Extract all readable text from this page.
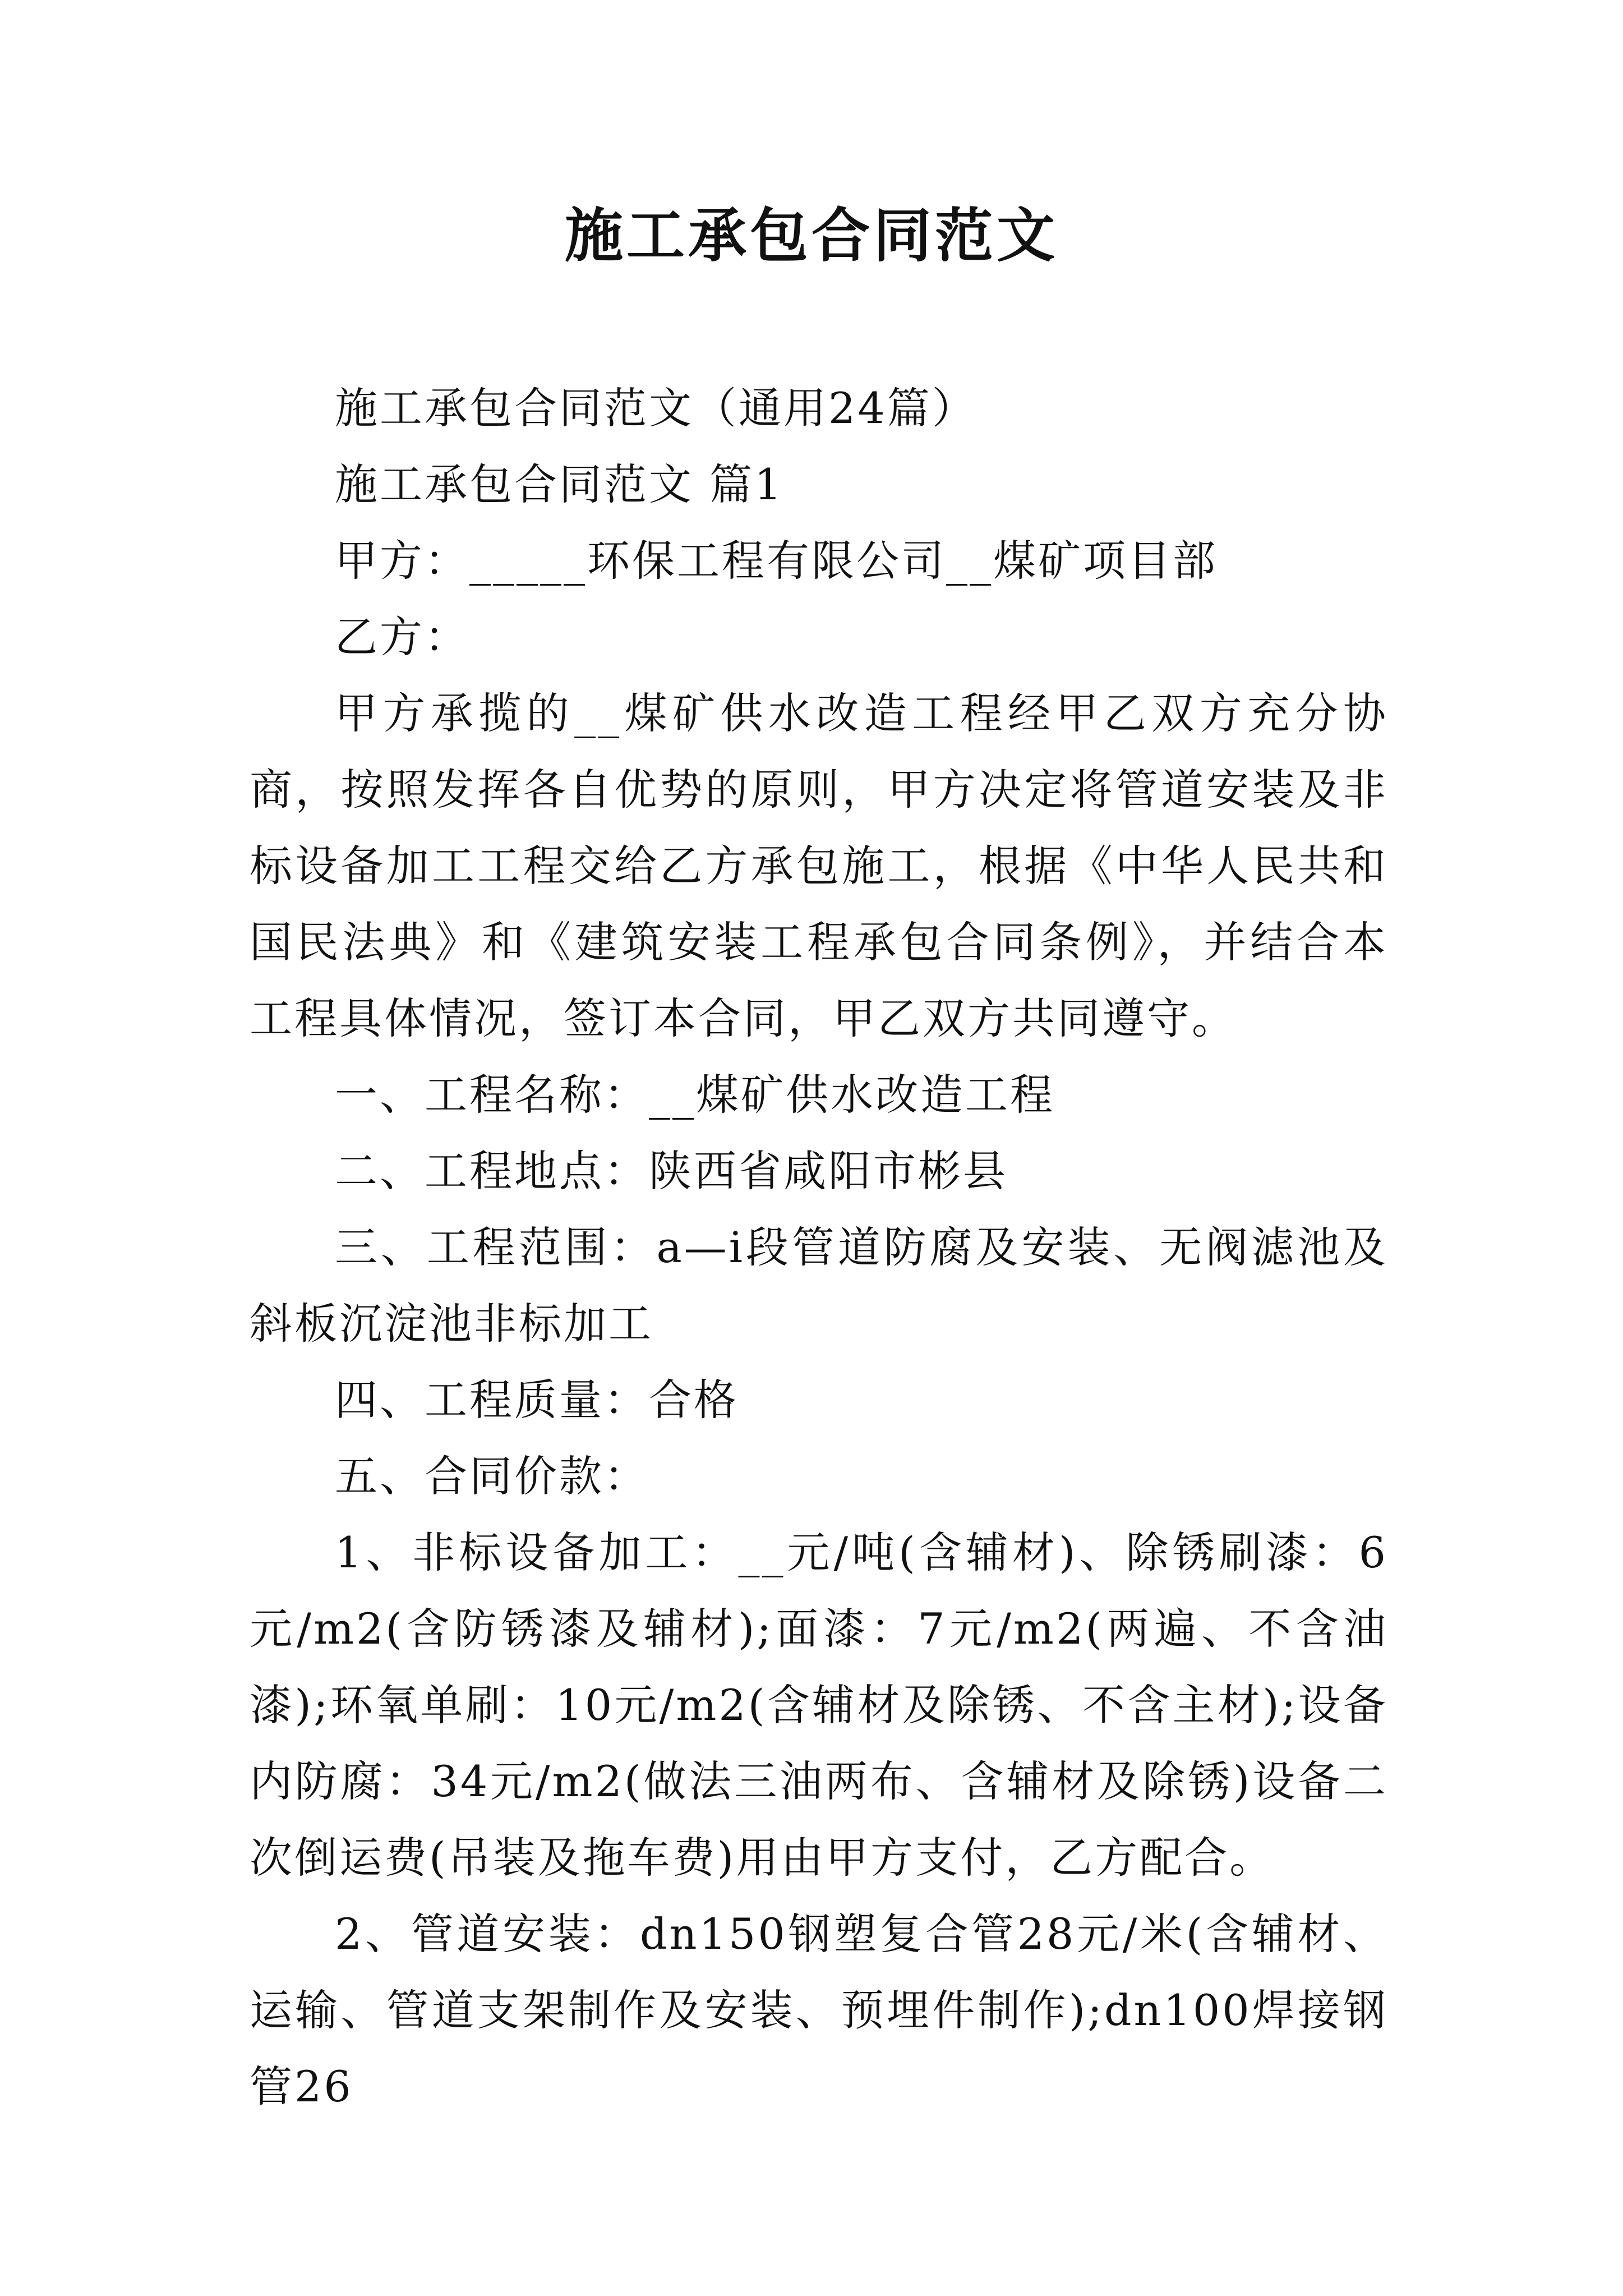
施工承包合同范文

施工承包合同范文（通用24篇）

施工承包合同范文 篇1

甲方：_____环保工程有限公司__煤矿项目部

乙方：

甲方承揽的__煤矿供水改造工程经甲乙双方充分协商，按照发挥各自优势的原则，甲方决定将管道安装及非标设备加工工程交给乙方承包施工，根据《中华人民共和国民法典》和《建筑安装工程承包合同条例》，并结合本工程具体情况，签订本合同，甲乙双方共同遵守。

一、工程名称：__煤矿供水改造工程

二、工程地点：陕西省咸阳市彬县

三、工程范围：a—i段管道防腐及安装、无阀滤池及斜板沉淀池非标加工

四、工程质量：合格

五、合同价款：

1、非标设备加工：__元/吨(含辅材)、除锈刷漆：6元/m2(含防锈漆及辅材);面漆：7元/m2(两遍、不含油漆);环氧单刷：10元/m2(含辅材及除锈、不含主材);设备内防腐：34元/m2(做法三油两布、含辅材及除锈)设备二次倒运费(吊装及拖车费)用由甲方支付，乙方配合。

2、管道安装：dn150钢塑复合管28元/米(含辅材、运输、管道支架制作及安装、预埋件制作);dn100焊接钢管26
